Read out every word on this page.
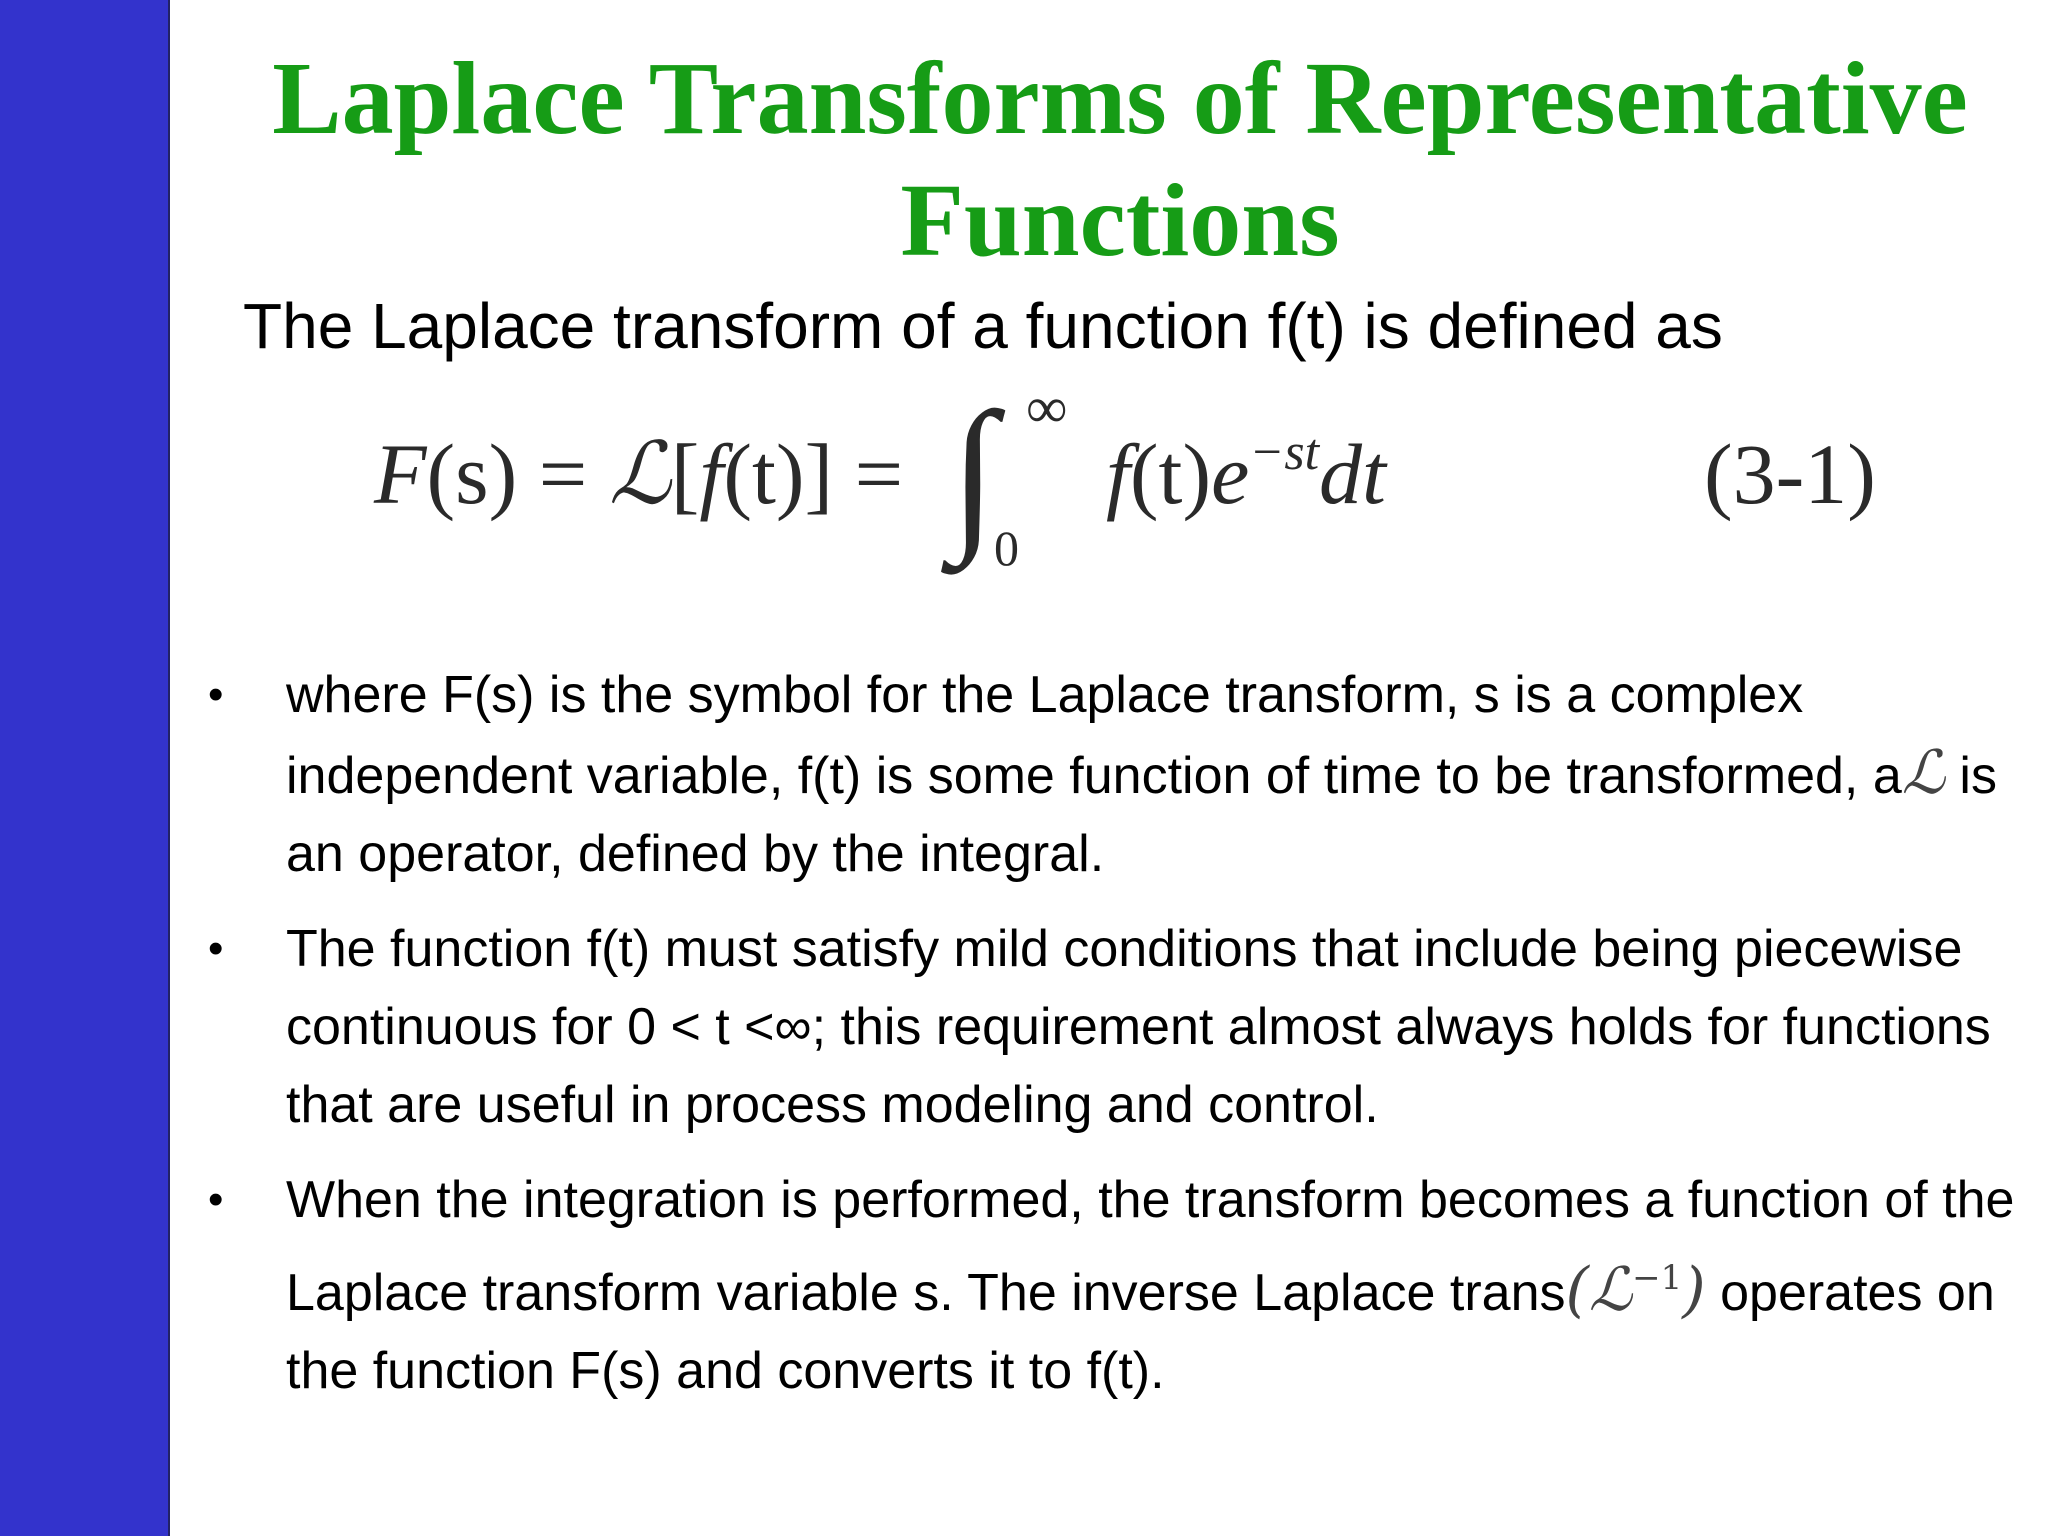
Laplace Transforms of Representative
Functions

The Laplace transform of a function f(t) is defined as

F(s) = ℒ[f(t)] = ∫ ∞
0
$f(t)e^{-st}dt$	(3-1)
• where F(s) is the symbol for the Laplace transform, s is a complex independent variable, f(t) is some function of time to be transformed, aℒ is an operator, defined by the integral.
• The function f(t) must satisfy mild conditions that include being piecewise continuous for 0 < t <∞; this requirement almost always holds for functions that are useful in process modeling and control.
• When the integration is performed, the transform becomes a function of the Laplace transform variable s. The inverse Laplace trans(ℒ$^{-1}$) operates on the function F(s) and converts it to f(t).
